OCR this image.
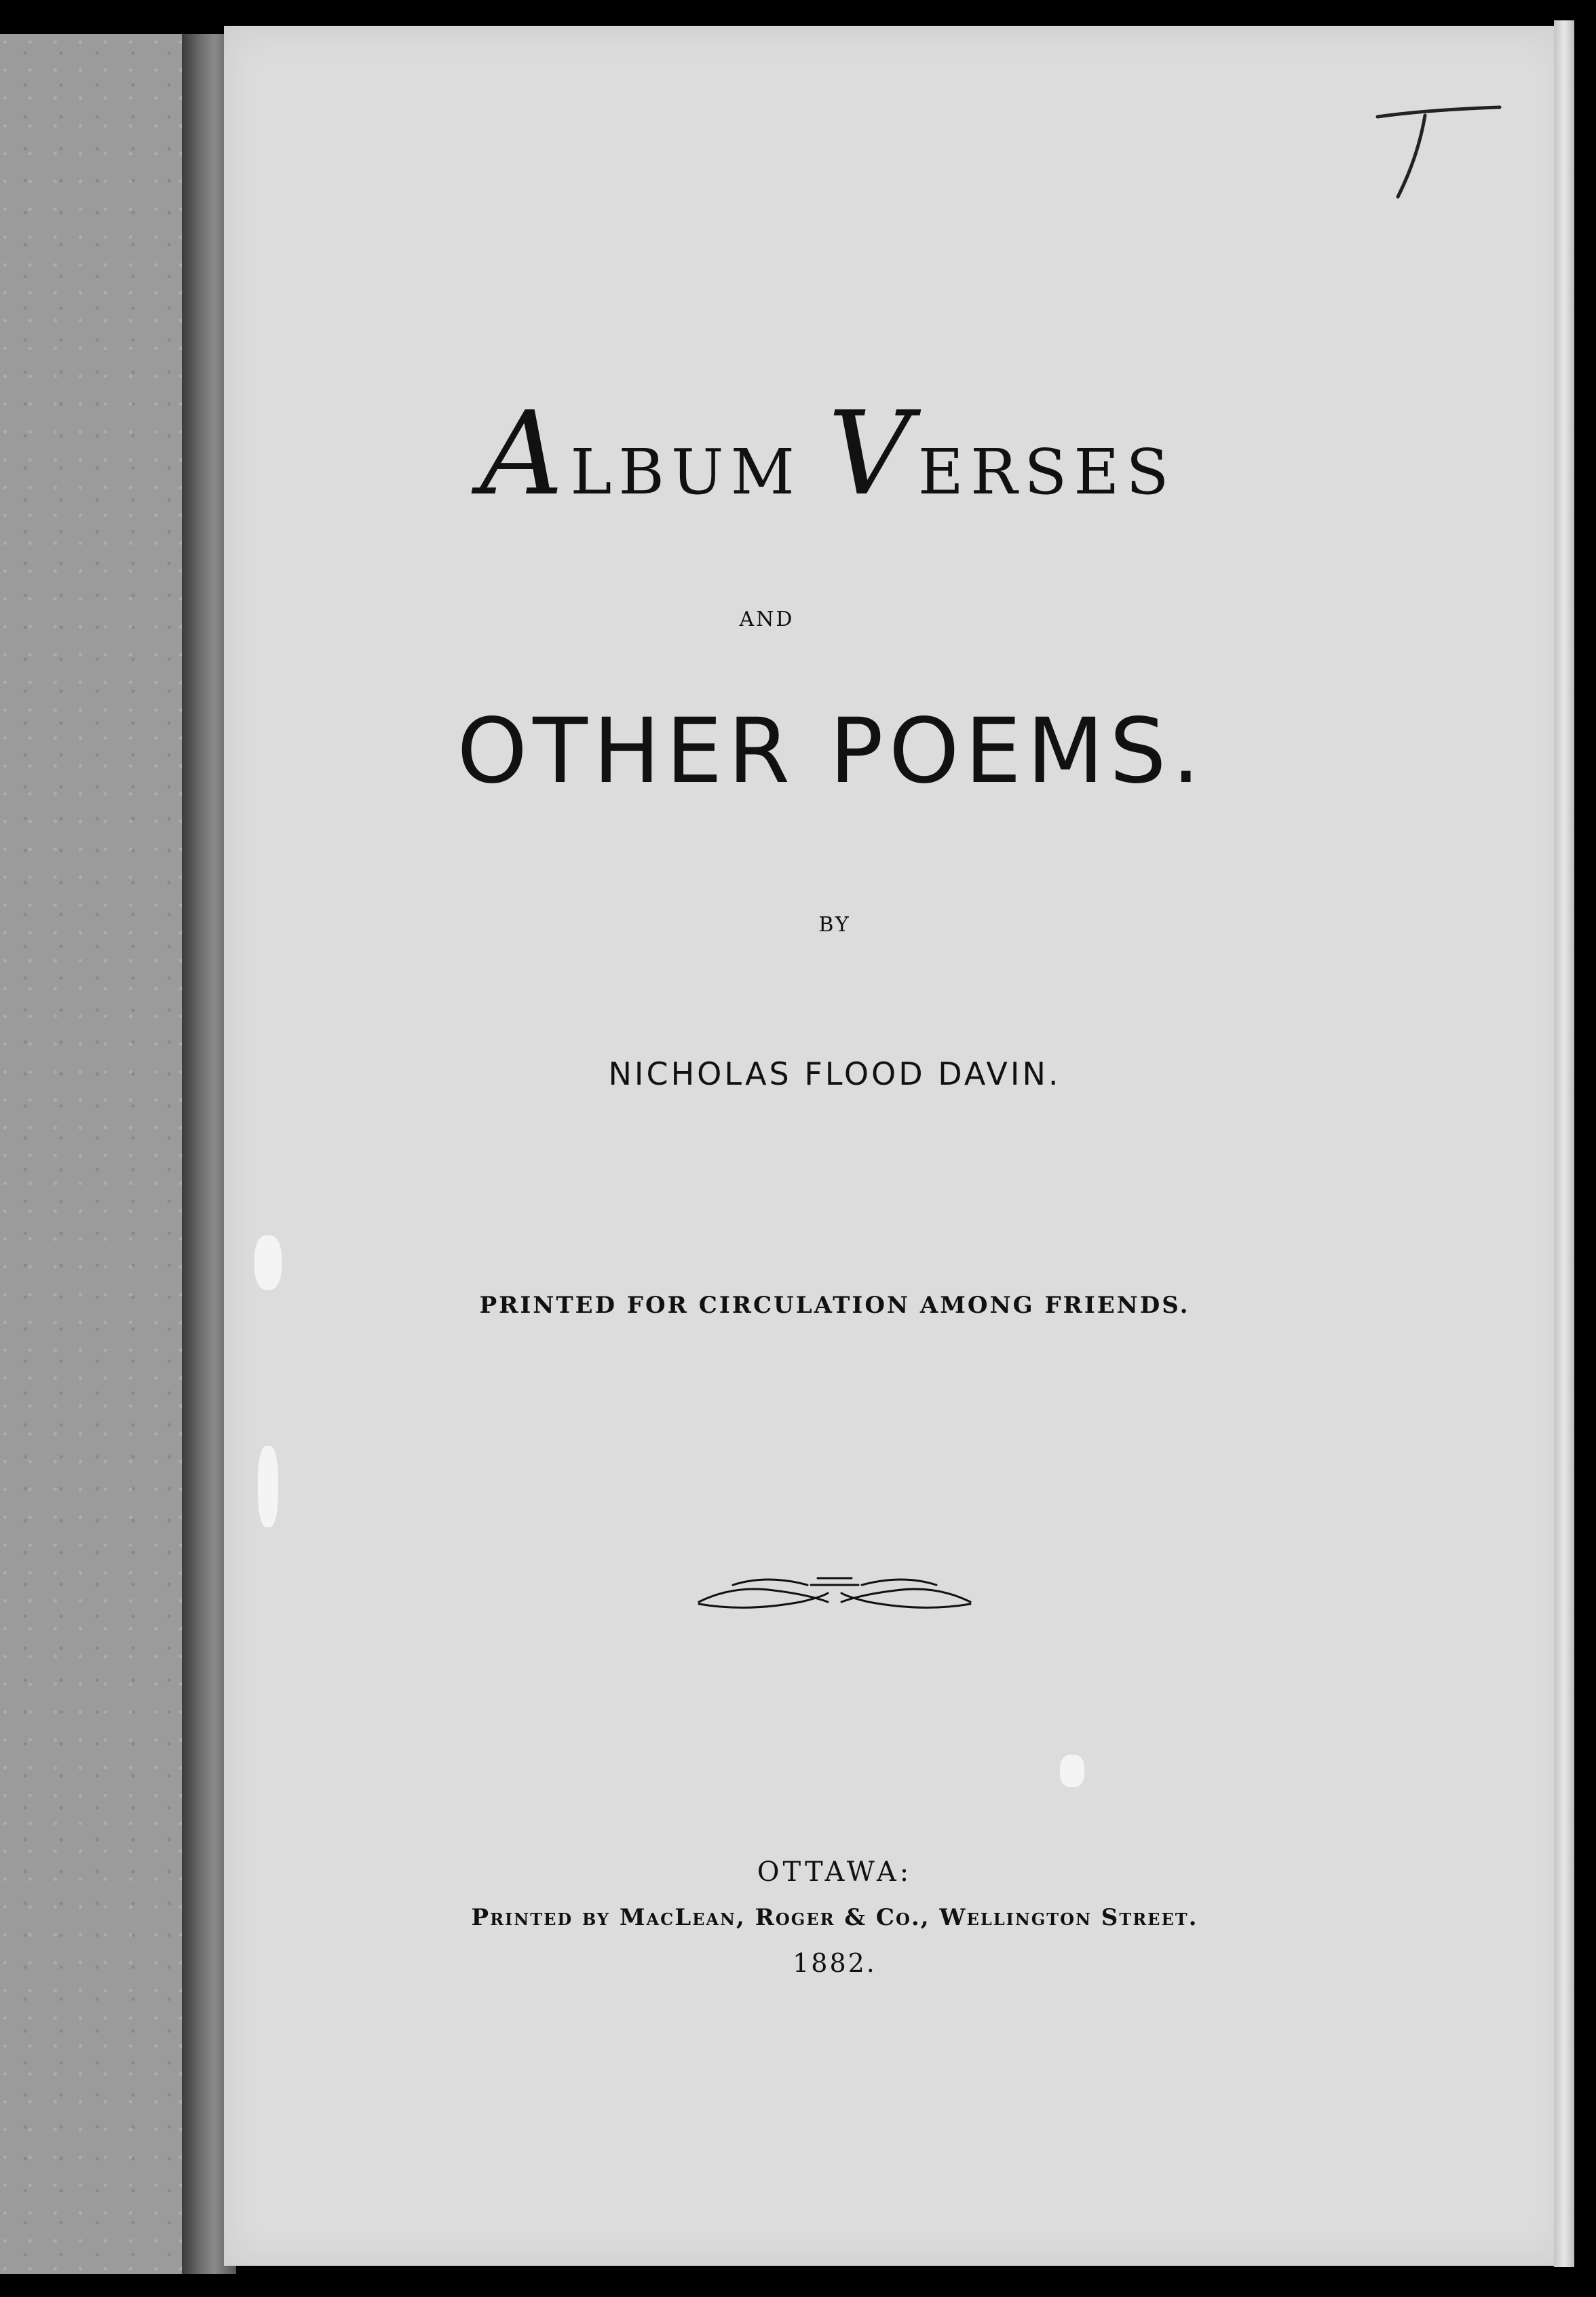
ALBUM VERSES
AND
OTHER POEMS.
BY
NICHOLAS FLOOD DAVIN.
PRINTED FOR CIRCULATION AMONG FRIENDS.
OTTAWA:
Printed by MacLean, Roger & Co., Wellington Street.
1882.
